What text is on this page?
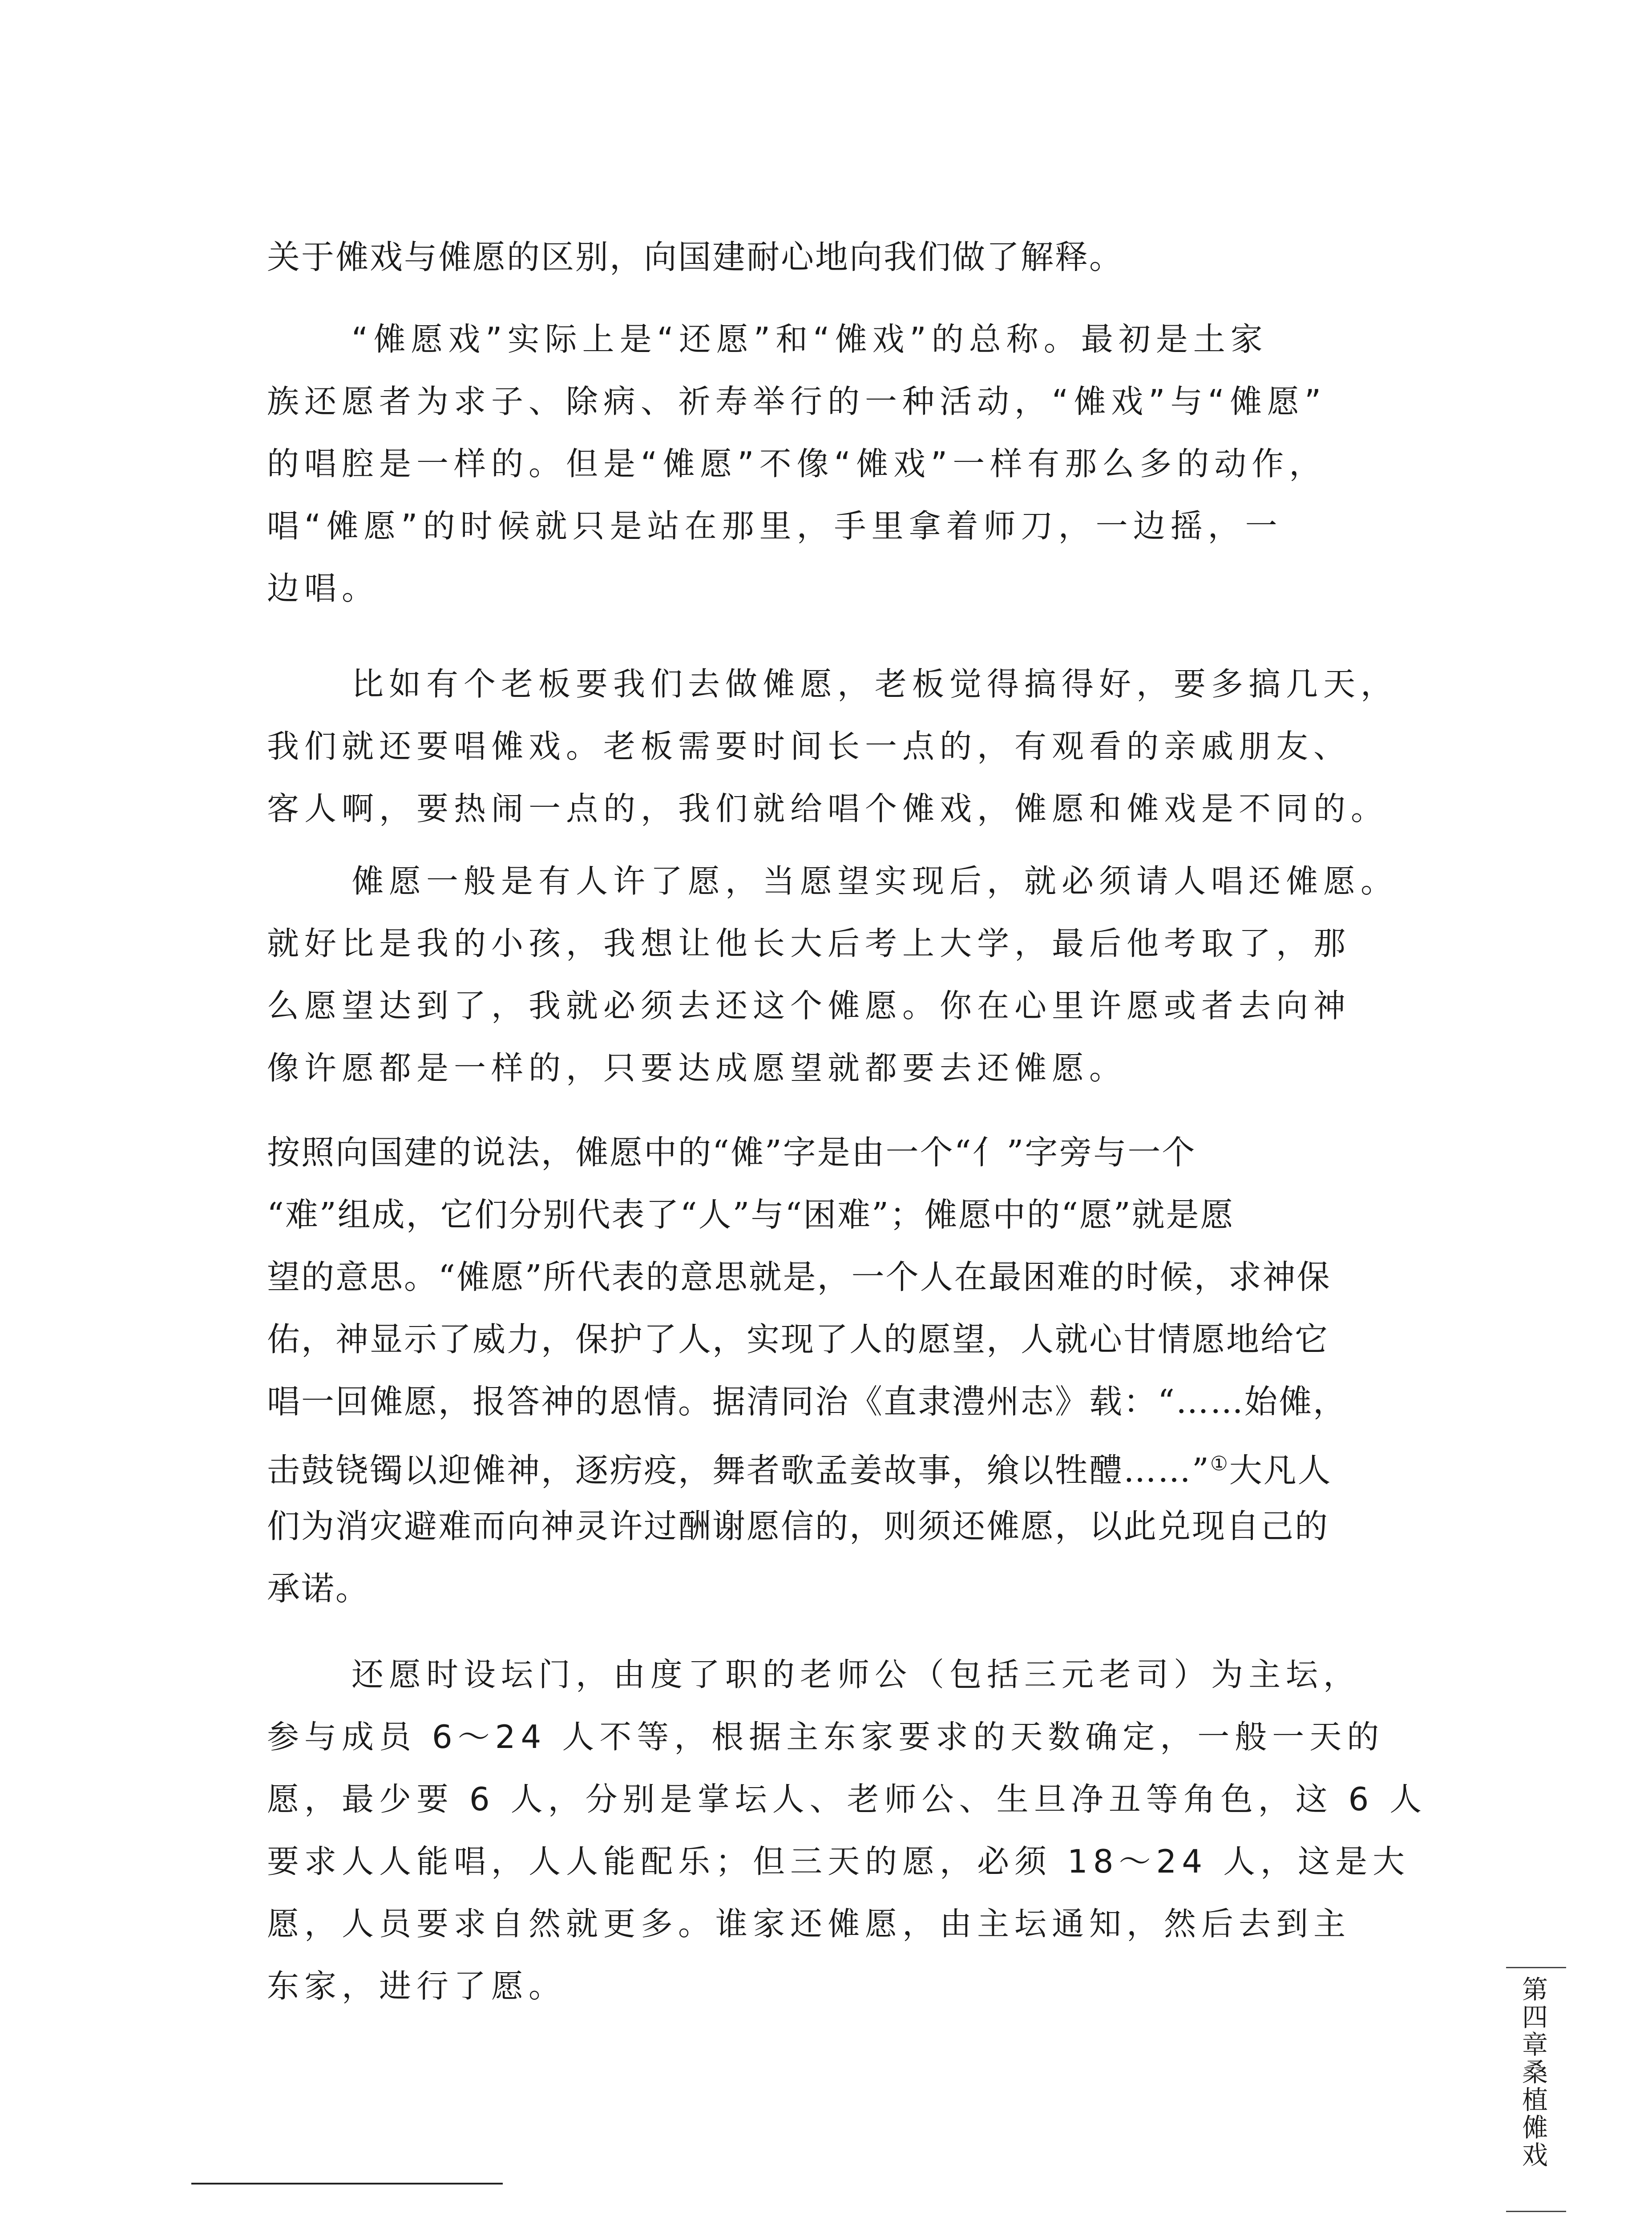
关于傩戏与傩愿的区别，向国建耐心地向我们做了解释。

“傩愿戏”实际上是“还愿”和“傩戏”的总称。最初是土家

族还愿者为求子、除病、祈寿举行的一种活动，“傩戏”与“傩愿”

的唱腔是一样的。但是“傩愿”不像“傩戏”一样有那么多的动作，

唱“傩愿”的时候就只是站在那里，手里拿着师刀，一边摇，一

边唱。

比如有个老板要我们去做傩愿，老板觉得搞得好，要多搞几天，

我们就还要唱傩戏。老板需要时间长一点的，有观看的亲戚朋友、

客人啊，要热闹一点的，我们就给唱个傩戏，傩愿和傩戏是不同的。

傩愿一般是有人许了愿，当愿望实现后，就必须请人唱还傩愿。

就好比是我的小孩，我想让他长大后考上大学，最后他考取了，那

么愿望达到了，我就必须去还这个傩愿。你在心里许愿或者去向神

像许愿都是一样的，只要达成愿望就都要去还傩愿。

按照向国建的说法，傩愿中的“傩”字是由一个“亻”字旁与一个

“难”组成，它们分别代表了“人”与“困难”；傩愿中的“愿”就是愿

望的意思。“傩愿”所代表的意思就是，一个人在最困难的时候，求神保

佑，神显示了威力，保护了人，实现了人的愿望，人就心甘情愿地给它

唱一回傩愿，报答神的恩情。据清同治《直隶澧州志》载：“……始傩，

击鼓铙镯以迎傩神，逐疠疫，舞者歌孟姜故事，飨以牲醴……”①大凡人

们为消灾避难而向神灵许过酬谢愿信的，则须还傩愿，以此兑现自己的

承诺。

还愿时设坛门，由度了职的老师公（包括三元老司）为主坛，

参与成员 6～24 人不等，根据主东家要求的天数确定，一般一天的

愿，最少要 6 人，分别是掌坛人、老师公、生旦净丑等角色，这 6 人

要求人人能唱，人人能配乐；但三天的愿，必须 18～24 人，这是大

愿，人员要求自然就更多。谁家还傩愿，由主坛通知，然后去到主

东家，进行了愿。	第四章 桑植傩戏
